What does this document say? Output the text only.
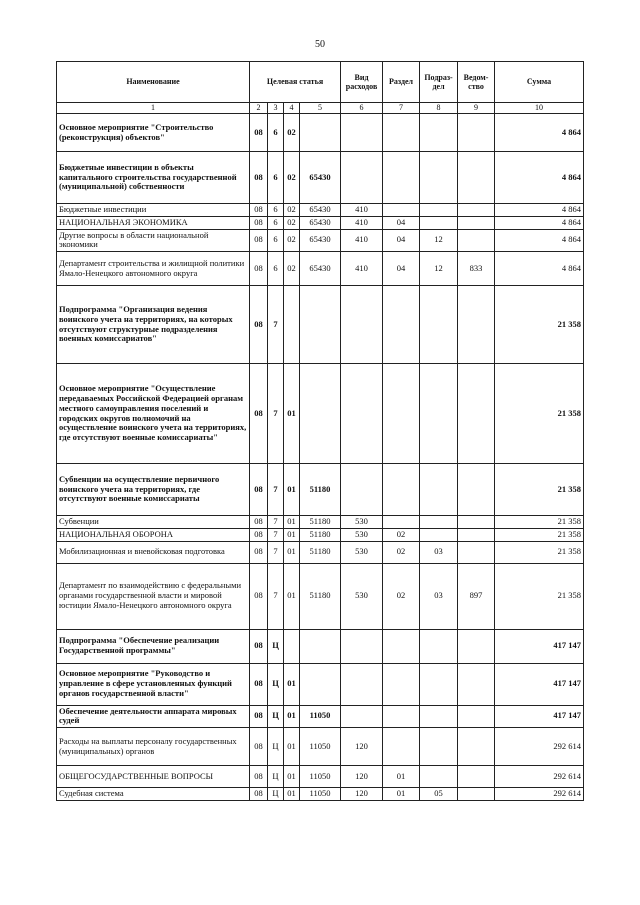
50
Наименование	Целевая статья				Вид расходов	Раздел	Подраз-дел	Ведом-ство	Сумма
1	2	3	4	5	6	7	8	9	10
Основное мероприятие "Строительство (реконструкция) объектов"	08	6	02						4 864
Бюджетные инвестиции в объекты капитального строительства государственной (муниципальной) собственности	08	6	02	65430					4 864
Бюджетные инвестиции	08	6	02	65430	410				4 864
НАЦИОНАЛЬНАЯ ЭКОНОМИКА	08	6	02	65430	410	04			4 864
Другие вопросы в области национальной экономики	08	6	02	65430	410	04	12		4 864
Департамент строительства и жилищной политики Ямало-Ненецкого автономного округа	08	6	02	65430	410	04	12	833	4 864
Подпрограмма "Организация ведения воинского учета на территориях, на которых отсутствуют структурные подразделения военных комиссариатов"	08	7							21 358
Основное мероприятие "Осуществление передаваемых Российской Федерацией органам местного самоуправления поселений и городских округов полномочий на осуществление воинского учета на территориях, где отсутствуют военные комиссариаты"	08	7	01						21 358
Субвенции на осуществление первичного воинского учета на территориях, где отсутствуют военные комиссариаты	08	7	01	51180					21 358
Субвенции	08	7	01	51180	530				21 358
НАЦИОНАЛЬНАЯ ОБОРОНА	08	7	01	51180	530	02			21 358
Мобилизационная и вневойсковая подготовка	08	7	01	51180	530	02	03		21 358
Департамент по взаимодействию с федеральными органами государственной власти и мировой юстиции Ямало-Ненецкого автономного округа	08	7	01	51180	530	02	03	897	21 358
Подпрограмма "Обеспечение реализации Государственной программы"	08	Ц							417 147
Основное мероприятие "Руководство и управление в сфере установленных функций органов государственной власти"	08	Ц	01						417 147
Обеспечение деятельности аппарата мировых судей	08	Ц	01	11050					417 147
Расходы на выплаты персоналу государственных (муниципальных) органов	08	Ц	01	11050	120				292 614
ОБЩЕГОСУДАРСТВЕННЫЕ ВОПРОСЫ	08	Ц	01	11050	120	01			292 614
Судебная система	08	Ц	01	11050	120	01	05		292 614
